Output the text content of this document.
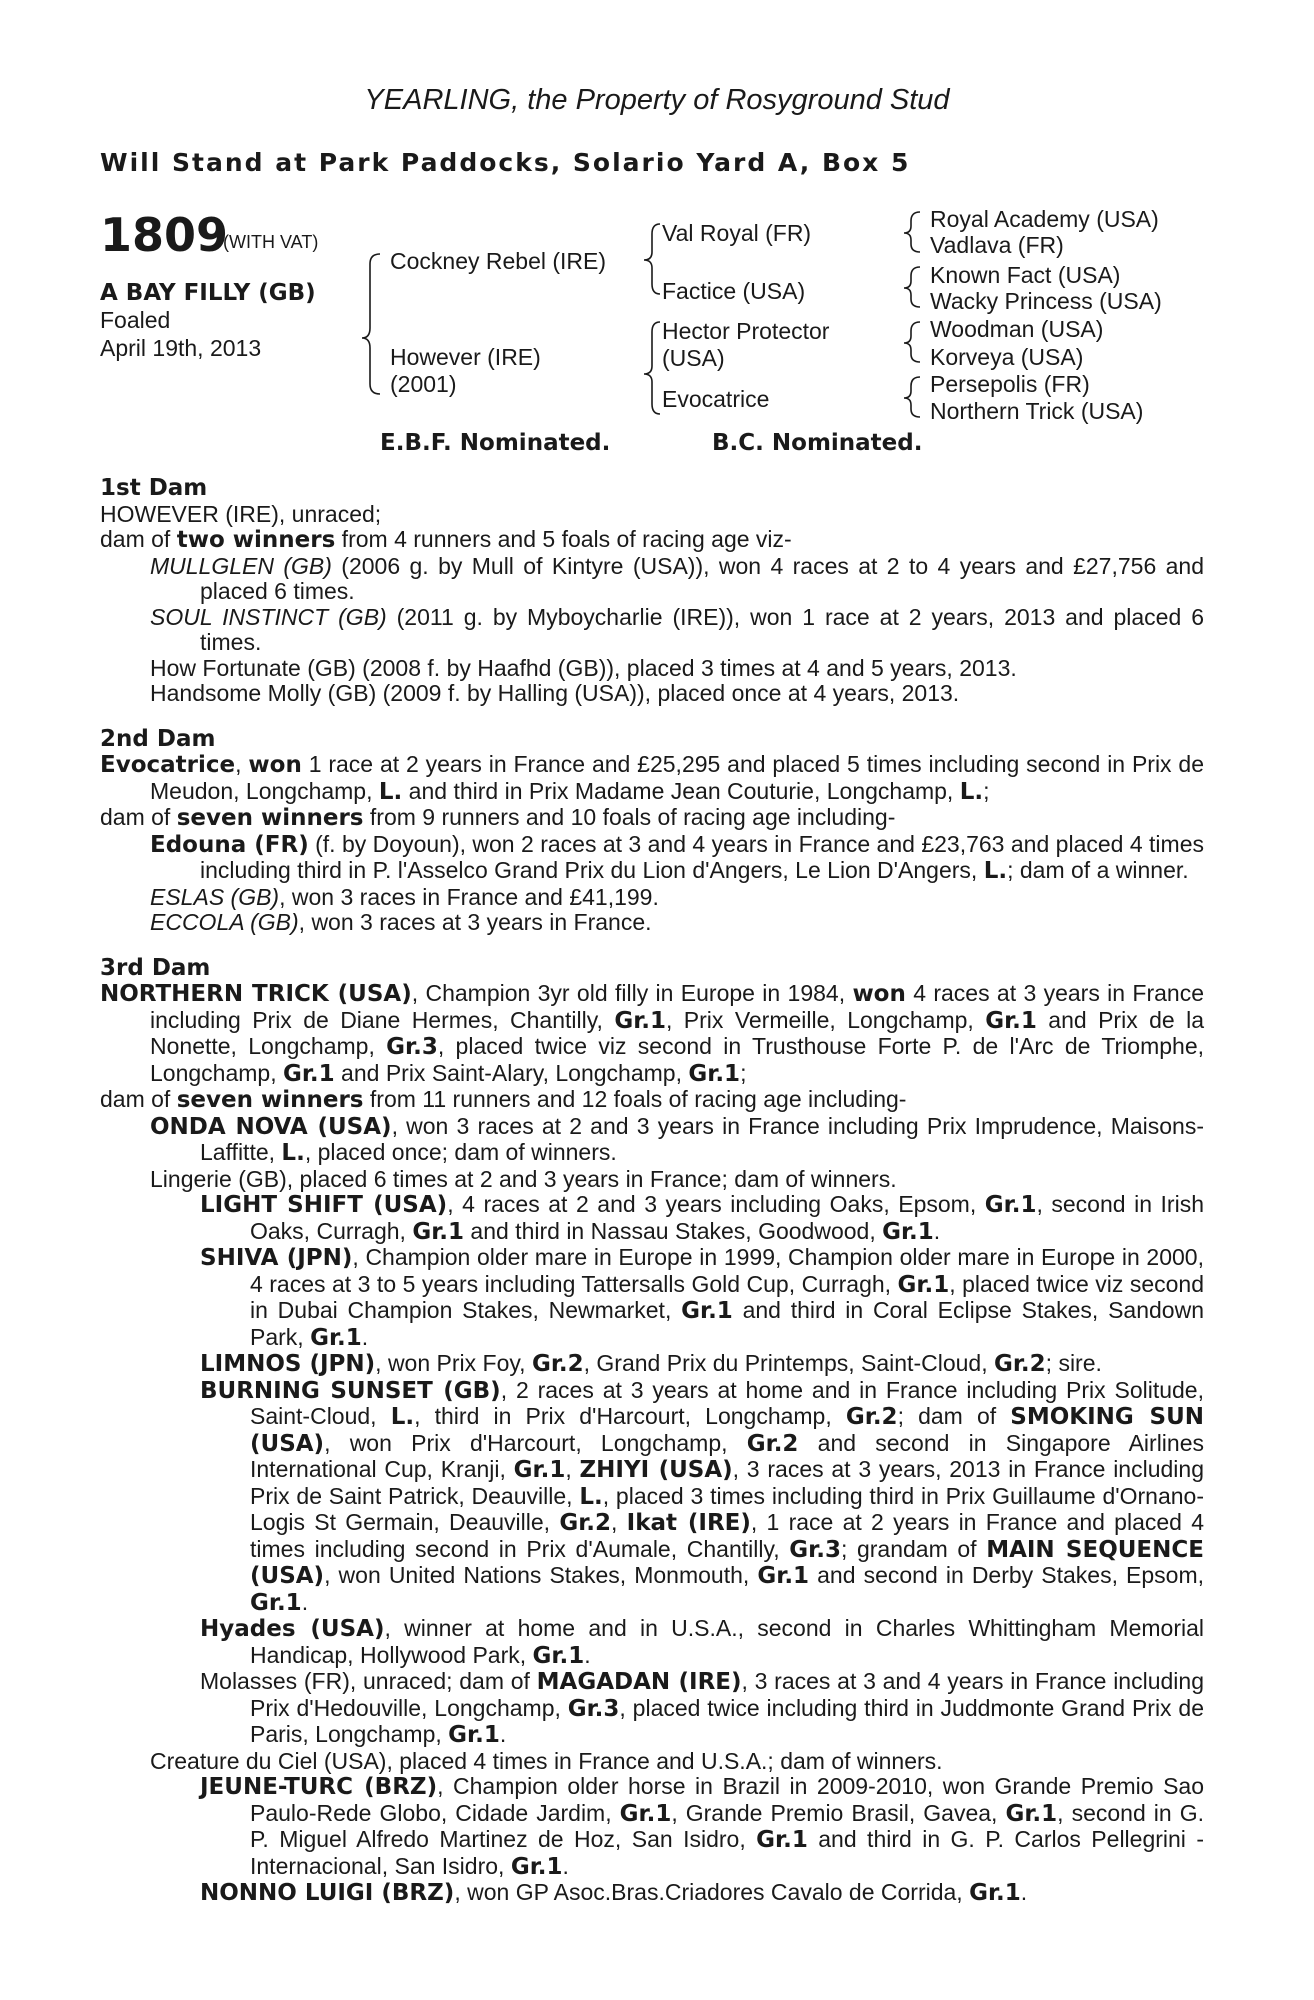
YEARLING, the Property of Rosyground Stud
Will Stand at Park Paddocks, Solario Yard A, Box 5
1809
(WITH VAT)
A BAY FILLY (GB)
Foaled
April 19th, 2013
Cockney Rebel (IRE)
However (IRE)
(2001)
Val Royal (FR)
Factice (USA)
Hector Protector
(USA)
Evocatrice
Royal Academy (USA)
Vadlava (FR)
Known Fact (USA)
Wacky Princess (USA)
Woodman (USA)
Korveya (USA)
Persepolis (FR)
Northern Trick (USA)
E.B.F. Nominated.	B.C. Nominated.
1st Dam
HOWEVER (IRE), unraced;
dam of two winners from 4 runners and 5 foals of racing age viz-
MULLGLEN (GB) (2006 g. by Mull of Kintyre (USA)), won 4 races at 2 to 4 years and £27,756 and placed 6 times.
SOUL INSTINCT (GB) (2011 g. by Myboycharlie (IRE)), won 1 race at 2 years, 2013 and placed 6 times.
How Fortunate (GB) (2008 f. by Haafhd (GB)), placed 3 times at 4 and 5 years, 2013.
Handsome Molly (GB) (2009 f. by Halling (USA)), placed once at 4 years, 2013.
2nd Dam
Evocatrice, won 1 race at 2 years in France and £25,295 and placed 5 times including second in Prix de Meudon, Longchamp, L. and third in Prix Madame Jean Couturie, Longchamp, L.;
dam of seven winners from 9 runners and 10 foals of racing age including-
Edouna (FR) (f. by Doyoun), won 2 races at 3 and 4 years in France and £23,763 and placed 4 times including third in P. l'Asselco Grand Prix du Lion d'Angers, Le Lion D'Angers, L.; dam of a winner.
ESLAS (GB), won 3 races in France and £41,199.
ECCOLA (GB), won 3 races at 3 years in France.
3rd Dam
NORTHERN TRICK (USA), Champion 3yr old filly in Europe in 1984, won 4 races at 3 years in France including Prix de Diane Hermes, Chantilly, Gr.1, Prix Vermeille, Longchamp, Gr.1 and Prix de la Nonette, Longchamp, Gr.3, placed twice viz second in Trusthouse Forte P. de l'Arc de Triomphe, Longchamp, Gr.1 and Prix Saint-Alary, Longchamp, Gr.1;
dam of seven winners from 11 runners and 12 foals of racing age including-
ONDA NOVA (USA), won 3 races at 2 and 3 years in France including Prix Imprudence, Maisons-Laffitte, L., placed once; dam of winners.
Lingerie (GB), placed 6 times at 2 and 3 years in France; dam of winners.
LIGHT SHIFT (USA), 4 races at 2 and 3 years including Oaks, Epsom, Gr.1, second in Irish Oaks, Curragh, Gr.1 and third in Nassau Stakes, Goodwood, Gr.1.
SHIVA (JPN), Champion older mare in Europe in 1999, Champion older mare in Europe in 2000, 4 races at 3 to 5 years including Tattersalls Gold Cup, Curragh, Gr.1, placed twice viz second in Dubai Champion Stakes, Newmarket, Gr.1 and third in Coral Eclipse Stakes, Sandown Park, Gr.1.
LIMNOS (JPN), won Prix Foy, Gr.2, Grand Prix du Printemps, Saint-Cloud, Gr.2; sire.
BURNING SUNSET (GB), 2 races at 3 years at home and in France including Prix Solitude, Saint-Cloud, L., third in Prix d'Harcourt, Longchamp, Gr.2; dam of SMOKING SUN (USA), won Prix d'Harcourt, Longchamp, Gr.2 and second in Singapore Airlines International Cup, Kranji, Gr.1, ZHIYI (USA), 3 races at 3 years, 2013 in France including Prix de Saint Patrick, Deauville, L., placed 3 times including third in Prix Guillaume d'Ornano-Logis St Germain, Deauville, Gr.2, Ikat (IRE), 1 race at 2 years in France and placed 4 times including second in Prix d'Aumale, Chantilly, Gr.3; grandam of MAIN SEQUENCE (USA), won United Nations Stakes, Monmouth, Gr.1 and second in Derby Stakes, Epsom, Gr.1.
Hyades (USA), winner at home and in U.S.A., second in Charles Whittingham Memorial Handicap, Hollywood Park, Gr.1.
Molasses (FR), unraced; dam of MAGADAN (IRE), 3 races at 3 and 4 years in France including Prix d'Hedouville, Longchamp, Gr.3, placed twice including third in Juddmonte Grand Prix de Paris, Longchamp, Gr.1.
Creature du Ciel (USA), placed 4 times in France and U.S.A.; dam of winners.
JEUNE-TURC (BRZ), Champion older horse in Brazil in 2009-2010, won Grande Premio Sao Paulo-Rede Globo, Cidade Jardim, Gr.1, Grande Premio Brasil, Gavea, Gr.1, second in G. P. Miguel Alfredo Martinez de Hoz, San Isidro, Gr.1 and third in G. P. Carlos Pellegrini - Internacional, San Isidro, Gr.1.
NONNO LUIGI (BRZ), won GP Asoc.Bras.Criadores Cavalo de Corrida, Gr.1.
